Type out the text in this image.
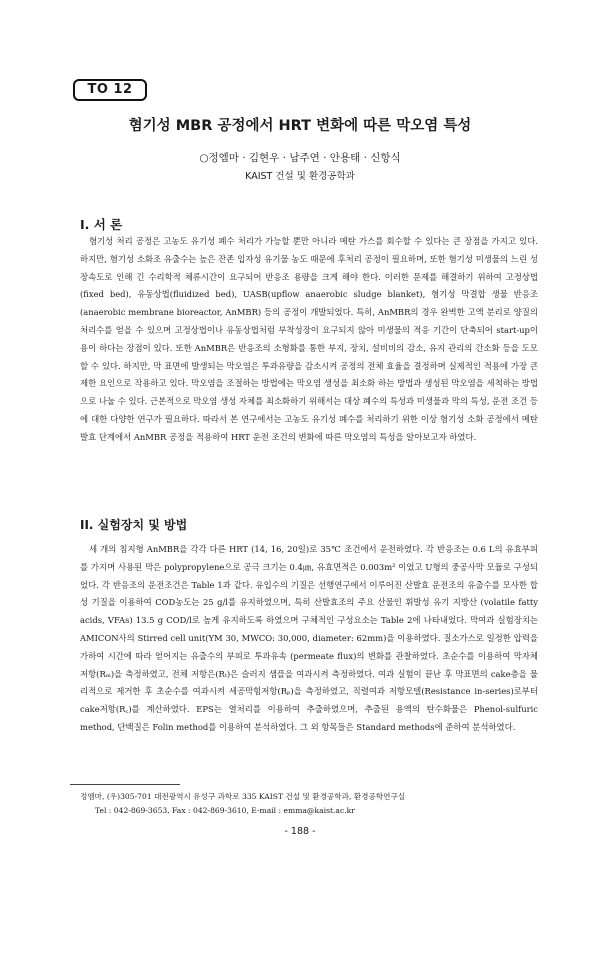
TO 12
혐기성 MBR 공정에서 HRT 변화에 따른 막오염 특성
○정엠마 · 김현우 · 남주연 · 안용태 · 신항식
KAIST 건설 및 환경공학과
I. 서 론

혐기성 처리 공정은 고농도 유기성 폐수 처리가 가능할 뿐만 아니라 메탄 가스를 회수할 수 있다는 큰 장점을 가지고 있다. 하지만, 혐기성 소화조 유출수는 높은 잔존 입자성 유기물 농도 때문에 후처리 공정이 필요하며, 또한 혐기성 미생물의 느린 성장속도로 인해 긴 수리학적 체류시간이 요구되어 반응조 용량을 크게 해야 한다. 이러한 문제를 해결하기 위하여 고정상법(fixed bed), 유동상법(fluidized bed), UASB(upflow anaerobic sludge blanket), 혐기성 막결합 생물 반응조(anaerobic membrane bioreactor, AnMBR) 등의 공정이 개발되었다. 특히, AnMBR의 경우 완벽한 고액 분리로 양질의 처리수를 얻을 수 있으며 고정상법이나 유동상법처럼 부착성장이 요구되지 않아 미생물의 적응 기간이 단축되어 start-up이 용이 하다는 장점이 있다. 또한 AnMBR은 반응조의 소형화를 통한 부지, 장치, 설비비의 감소, 유지 관리의 간소화 등을 도모할 수 있다. 하지만, 막 표면에 발생되는 막오염은 투과유량을 감소시켜 공정의 전체 효율을 결정하며 실제적인 적용에 가장 큰 제한 요인으로 작용하고 있다. 막오염을 조절하는 방법에는 막오염 생성을 최소화 하는 방법과 생성된 막오염을 세척하는 방법으로 나눌 수 있다. 근본적으로 막오염 생성 자체를 최소화하기 위해서는 대상 폐수의 특성과 미생물과 막의 특성, 운전 조건 등에 대한 다양한 연구가 필요하다. 따라서 본 연구에서는 고농도 유기성 폐수를 처리하기 위한 이상 혐기성 소화 공정에서 메탄발효 단계에서 AnMBR 공정을 적용하여 HRT 운전 조건의 변화에 따른 막오염의 특성을 알아보고자 하였다.

II. 실험장치 및 방법

세 개의 침지형 AnMBR을 각각 다른 HRT (14, 16, 20일)로 35℃ 조건에서 운전하였다. 각 반응조는 0.6 L의 유효부피를 가지며 사용된 막은 polypropylene으로 공극 크기는 0.4㎛, 유효면적은 0.003m² 이었고 U형의 중공사막 모듈로 구성되었다. 각 반응조의 운전조건은 Table 1과 같다. 유입수의 기질은 선행연구에서 이루어진 산발효 운전조의 유출수를 모사한 합성 기질을 이용하여 COD농도는 25 g/l를 유지하였으며, 특히 산발효조의 주요 산물인 휘발성 유기 지방산 (volatile fatty acids, VFAs) 13.5 g COD/l로 높게 유지하도록 하였으며 구체적인 구성요소는 Table 2에 나타내었다. 막여과 실험장치는 AMICON사의 Stirred cell unit(YM 30, MWCO: 30,000, diameter: 62mm)을 이용하였다. 질소가스로 일정한 압력을 가하여 시간에 따라 얻어지는 유출수의 부피로 투과유속 (permeate flux)의 변화를 관찰하였다. 초순수를 이용하여 막자체 저항(Rₘ)을 측정하였고, 전체 저항은(Rₜ)은 슬러지 샘플을 여과시켜 측정하였다. 여과 실험이 끝난 후 막표면의 cake층을 물리적으로 제거한 후 초순수를 여과시켜 세공막힘저항(Rₚ)을 측정하였고, 직렬여과 저항모델(Resistance in-series)로부터 cake저항(R꜀)를 계산하였다. EPS는 열처리를 이용하여 추출하였으며, 추출된 용액의 탄수화물은 Phenol-sulfuric method, 단백질은 Folin method를 이용하여 분석하였다. 그 외 항목들은 Standard methods에 준하여 분석하였다.

정엠마, (우)305-701 대전광역시 유성구 과학로 335 KAIST 건설 및 환경공학과, 환경공학연구실
Tel : 042-869-3653, Fax : 042-869-3610, E-mail : emma@kaist.ac.kr
- 188 -
